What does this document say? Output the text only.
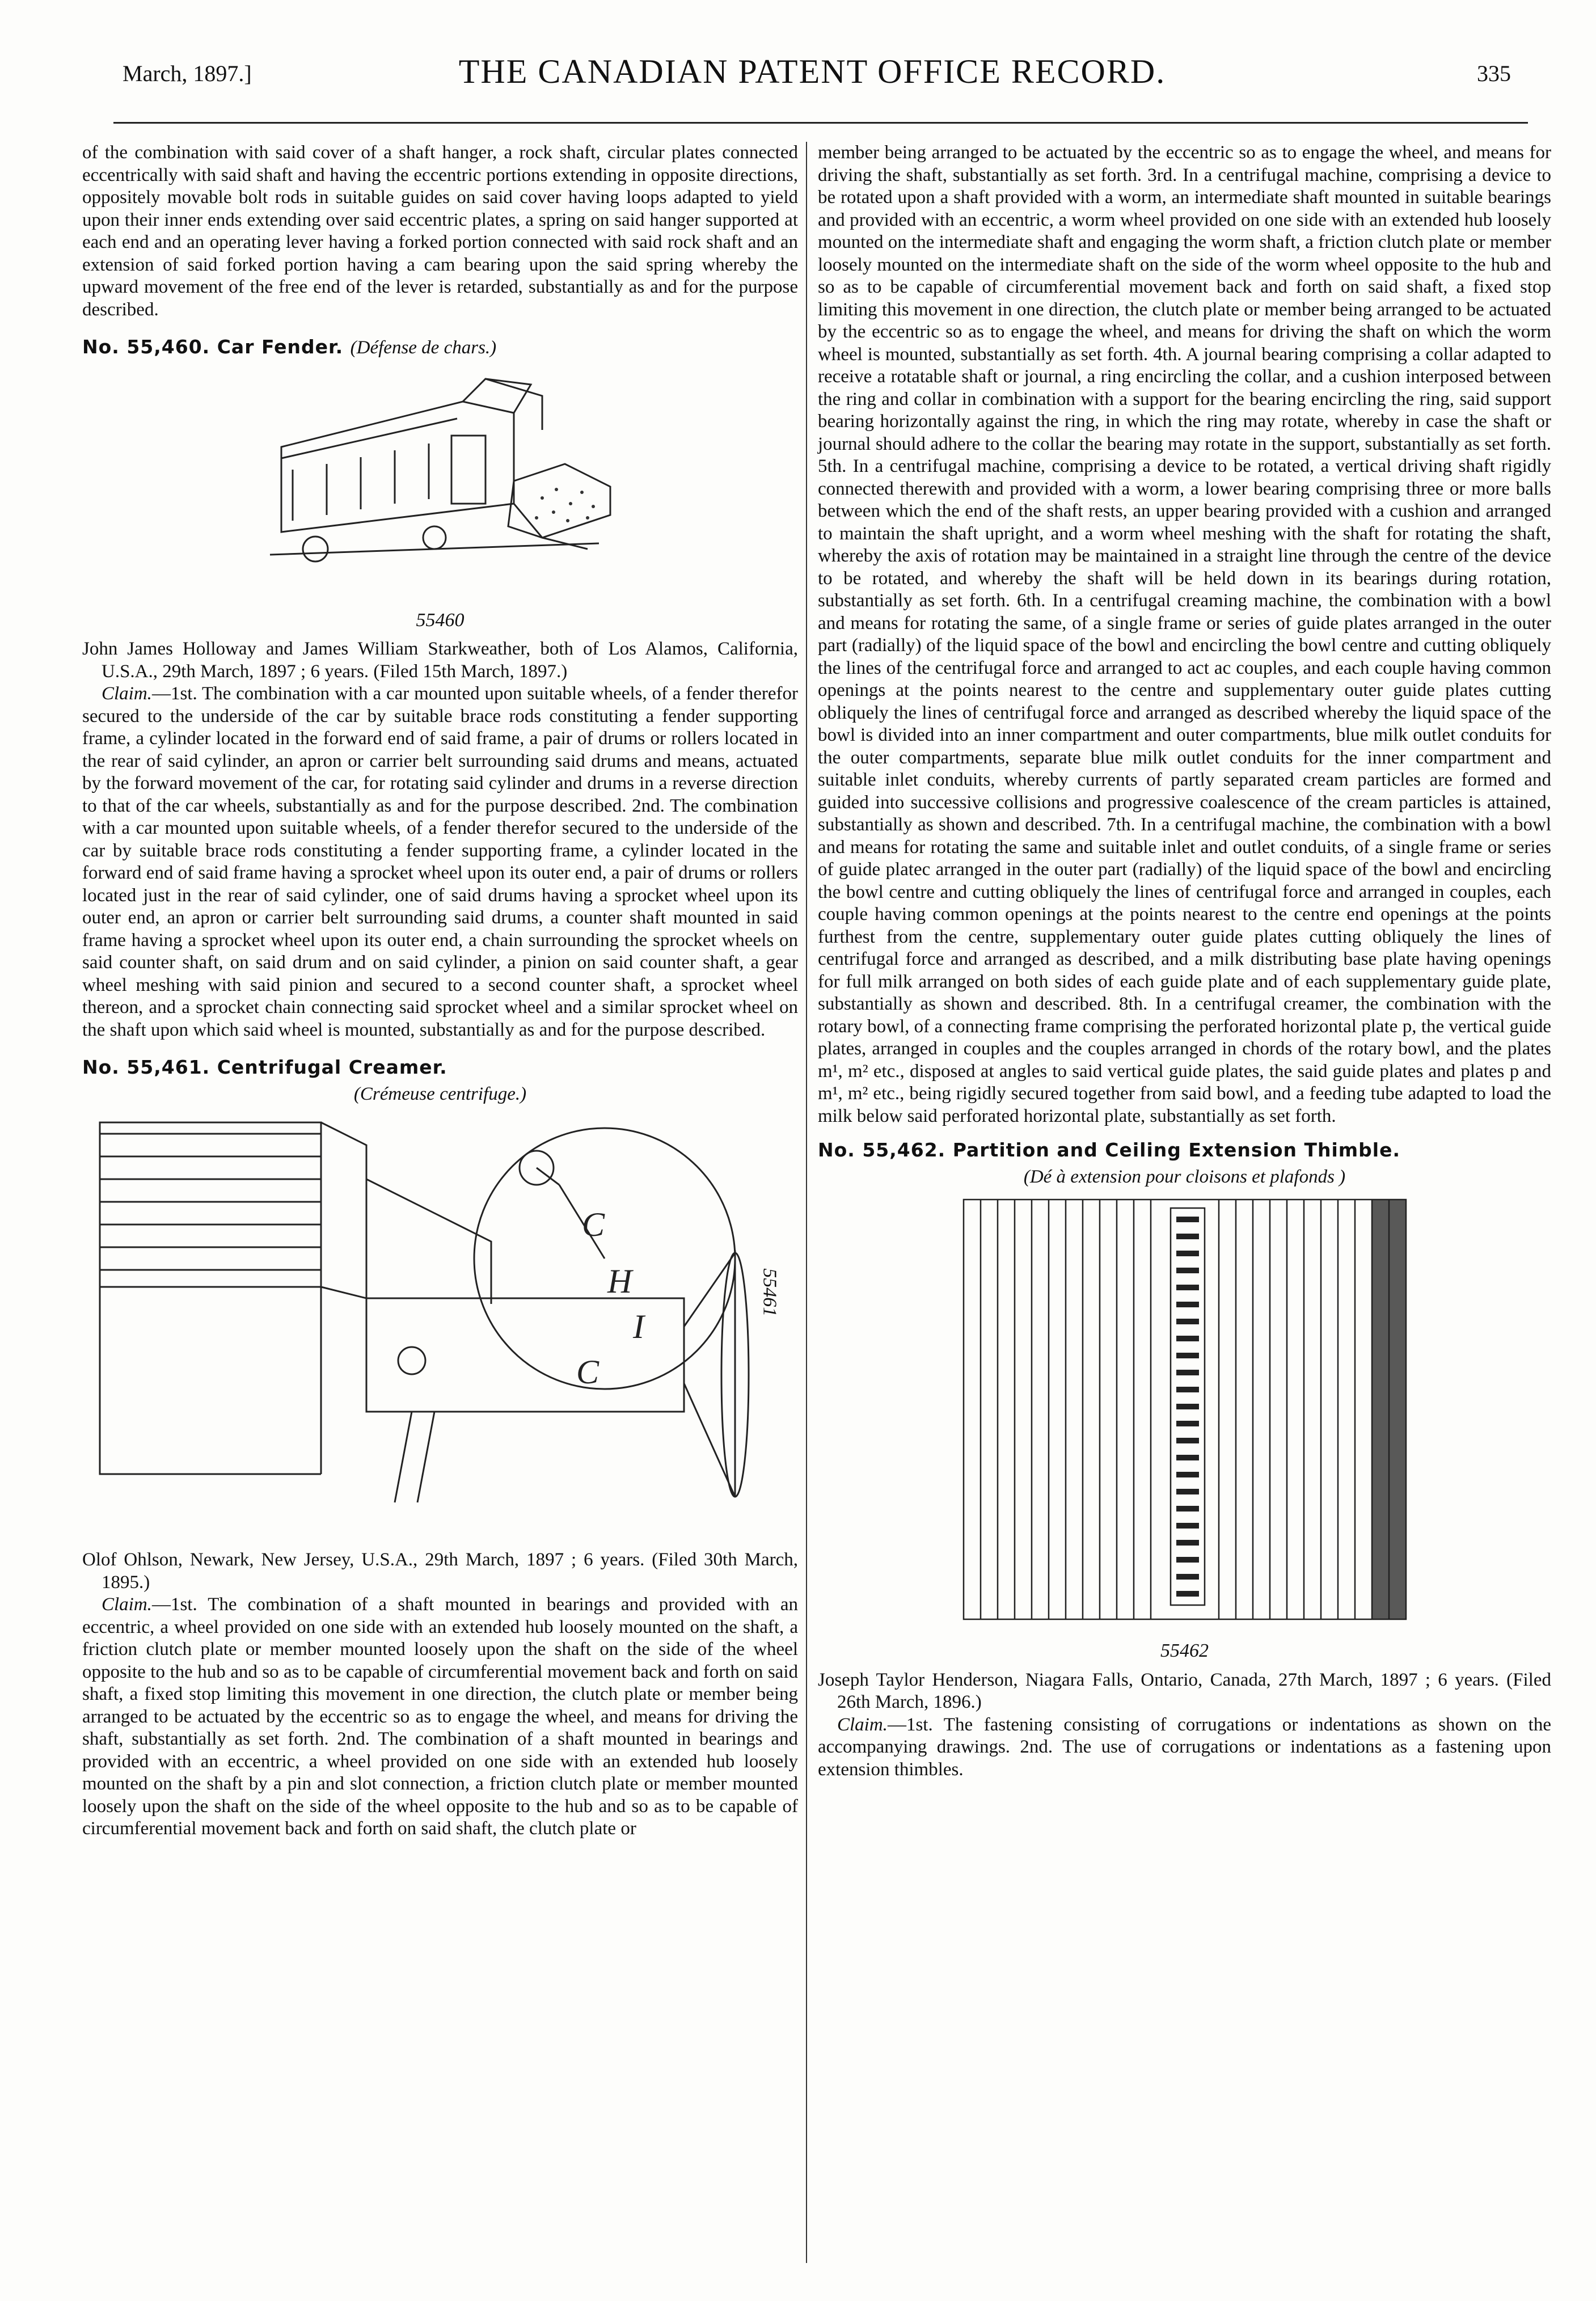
March, 1897.]	THE CANADIAN PATENT OFFICE RECORD.	335

of the combination with said cover of a shaft hanger, a rock shaft, circular plates connected eccentrically with said shaft and having the eccentric portions extending in opposite directions, oppositely movable bolt rods in suitable guides on said cover having loops adapted to yield upon their inner ends extending over said eccentric plates, a spring on said hanger supported at each end and an operating lever having a forked portion connected with said rock shaft and an extension of said forked portion having a cam bearing upon the said spring whereby the upward movement of the free end of the lever is retarded, substantially as and for the purpose described.

No. 55,460. Car Fender. (Défense de chars.)
55460

John James Holloway and James William Starkweather, both of Los Alamos, California, U.S.A., 29th March, 1897 ; 6 years. (Filed 15th March, 1897.)

Claim.—1st. The combination with a car mounted upon suitable wheels, of a fender therefor secured to the underside of the car by suitable brace rods constituting a fender supporting frame, a cylinder located in the forward end of said frame, a pair of drums or rollers located in the rear of said cylinder, an apron or carrier belt surrounding said drums and means, actuated by the forward movement of the car, for rotating said cylinder and drums in a reverse direction to that of the car wheels, substantially as and for the purpose described. 2nd. The combination with a car mounted upon suitable wheels, of a fender therefor secured to the underside of the car by suitable brace rods constituting a fender supporting frame, a cylinder located in the forward end of said frame having a sprocket wheel upon its outer end, a pair of drums or rollers located just in the rear of said cylinder, one of said drums having a sprocket wheel upon its outer end, an apron or carrier belt surrounding said drums, a counter shaft mounted in said frame having a sprocket wheel upon its outer end, a chain surrounding the sprocket wheels on said counter shaft, on said drum and on said cylinder, a pinion on said counter shaft, a gear wheel meshing with said pinion and secured to a second counter shaft, a sprocket wheel thereon, and a sprocket chain connecting said sprocket wheel and a similar sprocket wheel on the shaft upon which said wheel is mounted, substantially as and for the purpose described.

No. 55,461. Centrifugal Creamer.
(Crémeuse centrifuge.)
C
H
I
C
55461

Olof Ohlson, Newark, New Jersey, U.S.A., 29th March, 1897 ; 6 years. (Filed 30th March, 1895.)

Claim.—1st. The combination of a shaft mounted in bearings and provided with an eccentric, a wheel provided on one side with an extended hub loosely mounted on the shaft, a friction clutch plate or member mounted loosely upon the shaft on the side of the wheel opposite to the hub and so as to be capable of circumferential movement back and forth on said shaft, a fixed stop limiting this movement in one direction, the clutch plate or member being arranged to be actuated by the eccentric so as to engage the wheel, and means for driving the shaft, substantially as set forth. 2nd. The combination of a shaft mounted in bearings and provided with an eccentric, a wheel provided on one side with an extended hub loosely mounted on the shaft by a pin and slot connection, a friction clutch plate or member mounted loosely upon the shaft on the side of the wheel opposite to the hub and so as to be capable of circumferential movement back and forth on said shaft, the clutch plate or

member being arranged to be actuated by the eccentric so as to engage the wheel, and means for driving the shaft, substantially as set forth. 3rd. In a centrifugal machine, comprising a device to be rotated upon a shaft provided with a worm, an intermediate shaft mounted in suitable bearings and provided with an eccentric, a worm wheel provided on one side with an extended hub loosely mounted on the intermediate shaft and engaging the worm shaft, a friction clutch plate or member loosely mounted on the intermediate shaft on the side of the worm wheel opposite to the hub and so as to be capable of circumferential movement back and forth on said shaft, a fixed stop limiting this movement in one direction, the clutch plate or member being arranged to be actuated by the eccentric so as to engage the wheel, and means for driving the shaft on which the worm wheel is mounted, substantially as set forth. 4th. A journal bearing comprising a collar adapted to receive a rotatable shaft or journal, a ring encircling the collar, and a cushion interposed between the ring and collar in combination with a support for the bearing encircling the ring, said support bearing horizontally against the ring, in which the ring may rotate, whereby in case the shaft or journal should adhere to the collar the bearing may rotate in the support, substantially as set forth. 5th. In a centrifugal machine, comprising a device to be rotated, a vertical driving shaft rigidly connected therewith and provided with a worm, a lower bearing comprising three or more balls between which the end of the shaft rests, an upper bearing provided with a cushion and arranged to maintain the shaft upright, and a worm wheel meshing with the shaft for rotating the shaft, whereby the axis of rotation may be maintained in a straight line through the centre of the device to be rotated, and whereby the shaft will be held down in its bearings during rotation, substantially as set forth. 6th. In a centrifugal creaming machine, the combination with a bowl and means for rotating the same, of a single frame or series of guide plates arranged in the outer part (radially) of the liquid space of the bowl and encircling the bowl centre and cutting obliquely the lines of the centrifugal force and arranged to act ac couples, and each couple having common openings at the points nearest to the centre and supplementary outer guide plates cutting obliquely the lines of centrifugal force and arranged as described whereby the liquid space of the bowl is divided into an inner compartment and outer compartments, blue milk outlet conduits for the outer compartments, separate blue milk outlet conduits for the inner compartment and suitable inlet conduits, whereby currents of partly separated cream particles are formed and guided into successive collisions and progressive coalescence of the cream particles is attained, substantially as shown and described. 7th. In a centrifugal machine, the combination with a bowl and means for rotating the same and suitable inlet and outlet conduits, of a single frame or series of guide platec arranged in the outer part (radially) of the liquid space of the bowl and encircling the bowl centre and cutting obliquely the lines of centrifugal force and arranged in couples, each couple having common openings at the points nearest to the centre end openings at the points furthest from the centre, supplementary outer guide plates cutting obliquely the lines of centrifugal force and arranged as described, and a milk distributing base plate having openings for full milk arranged on both sides of each guide plate and of each supplementary guide plate, substantially as shown and described. 8th. In a centrifugal creamer, the combination with the rotary bowl, of a connecting frame comprising the perforated horizontal plate p, the vertical guide plates, arranged in couples and the couples arranged in chords of the rotary bowl, and the plates m¹, m² etc., disposed at angles to said vertical guide plates, the said guide plates and plates p and m¹, m² etc., being rigidly secured together from said bowl, and a feeding tube adapted to load the milk below said perforated horizontal plate, substantially as set forth.

No. 55,462. Partition and Ceiling Extension Thimble.
(Dé à extension pour cloisons et plafonds )
55462

Joseph Taylor Henderson, Niagara Falls, Ontario, Canada, 27th March, 1897 ; 6 years. (Filed 26th March, 1896.)

Claim.—1st. The fastening consisting of corrugations or indentations as shown on the accompanying drawings. 2nd. The use of corrugations or indentations as a fastening upon extension thimbles.
